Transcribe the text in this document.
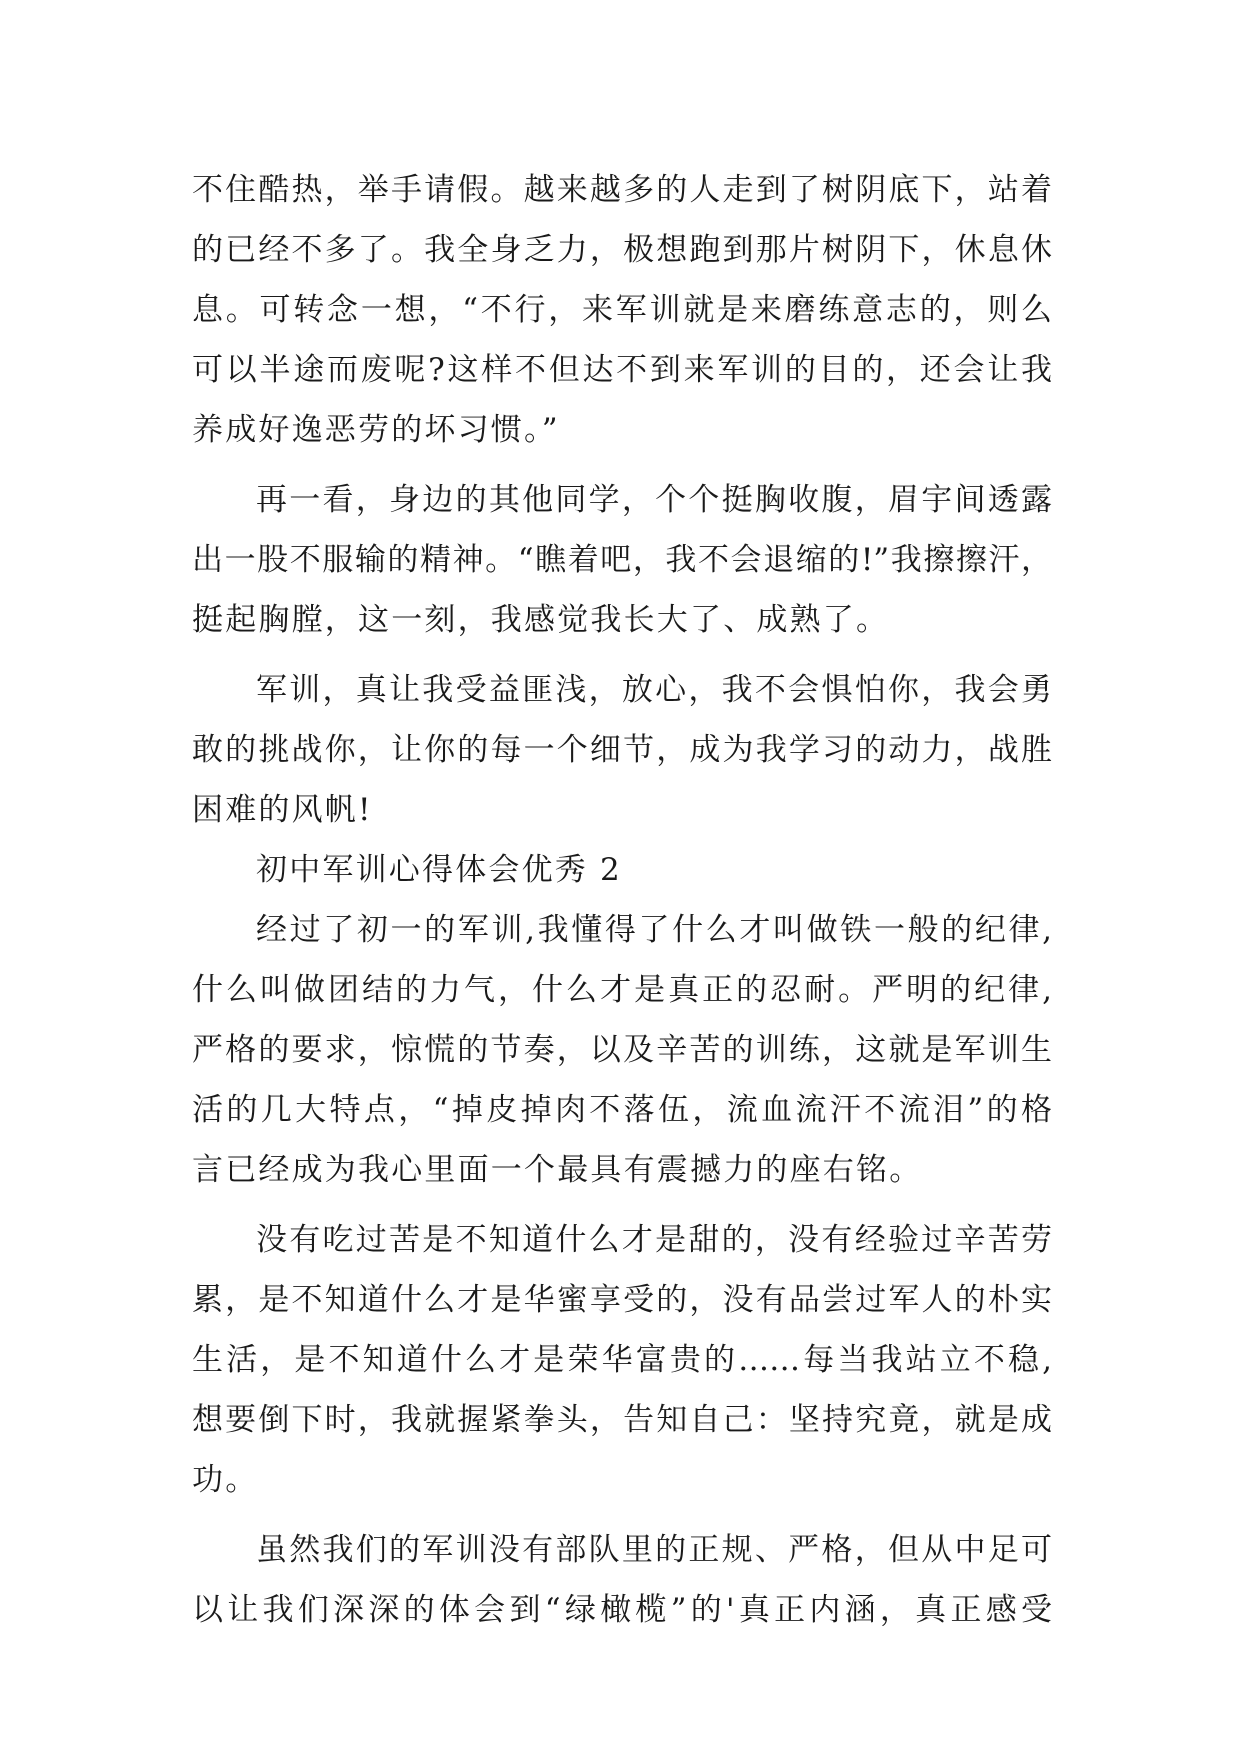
不住酷热，举手请假。越来越多的人走到了树阴底下，站着
的已经不多了。我全身乏力，极想跑到那片树阴下，休息休
息。可转念一想，“不行，来军训就是来磨练意志的，则么
可以半途而废呢?这样不但达不到来军训的目的，还会让我
养成好逸恶劳的坏习惯。”
再一看，身边的其他同学，个个挺胸收腹，眉宇间透露
出一股不服输的精神。“瞧着吧，我不会退缩的!”我擦擦汗，
挺起胸膛，这一刻，我感觉我长大了、成熟了。
军训，真让我受益匪浅，放心，我不会惧怕你，我会勇
敢的挑战你，让你的每一个细节，成为我学习的动力，战胜
困难的风帆!
初中军训心得体会优秀 2
经过了初一的军训,我懂得了什么才叫做铁一般的纪律,
什么叫做团结的力气，什么才是真正的忍耐。严明的纪律,
严格的要求，惊慌的节奏，以及辛苦的训练，这就是军训生
活的几大特点，“掉皮掉肉不落伍，流血流汗不流泪”的格
言已经成为我心里面一个最具有震撼力的座右铭。
没有吃过苦是不知道什么才是甜的，没有经验过辛苦劳
累，是不知道什么才是华蜜享受的，没有品尝过军人的朴实
生活，是不知道什么才是荣华富贵的……每当我站立不稳,
想要倒下时，我就握紧拳头，告知自己：坚持究竟，就是成
功。
虽然我们的军训没有部队里的正规、严格，但从中足可
以让我们深深的体会到“绿橄榄”的'真正内涵，真正感受
